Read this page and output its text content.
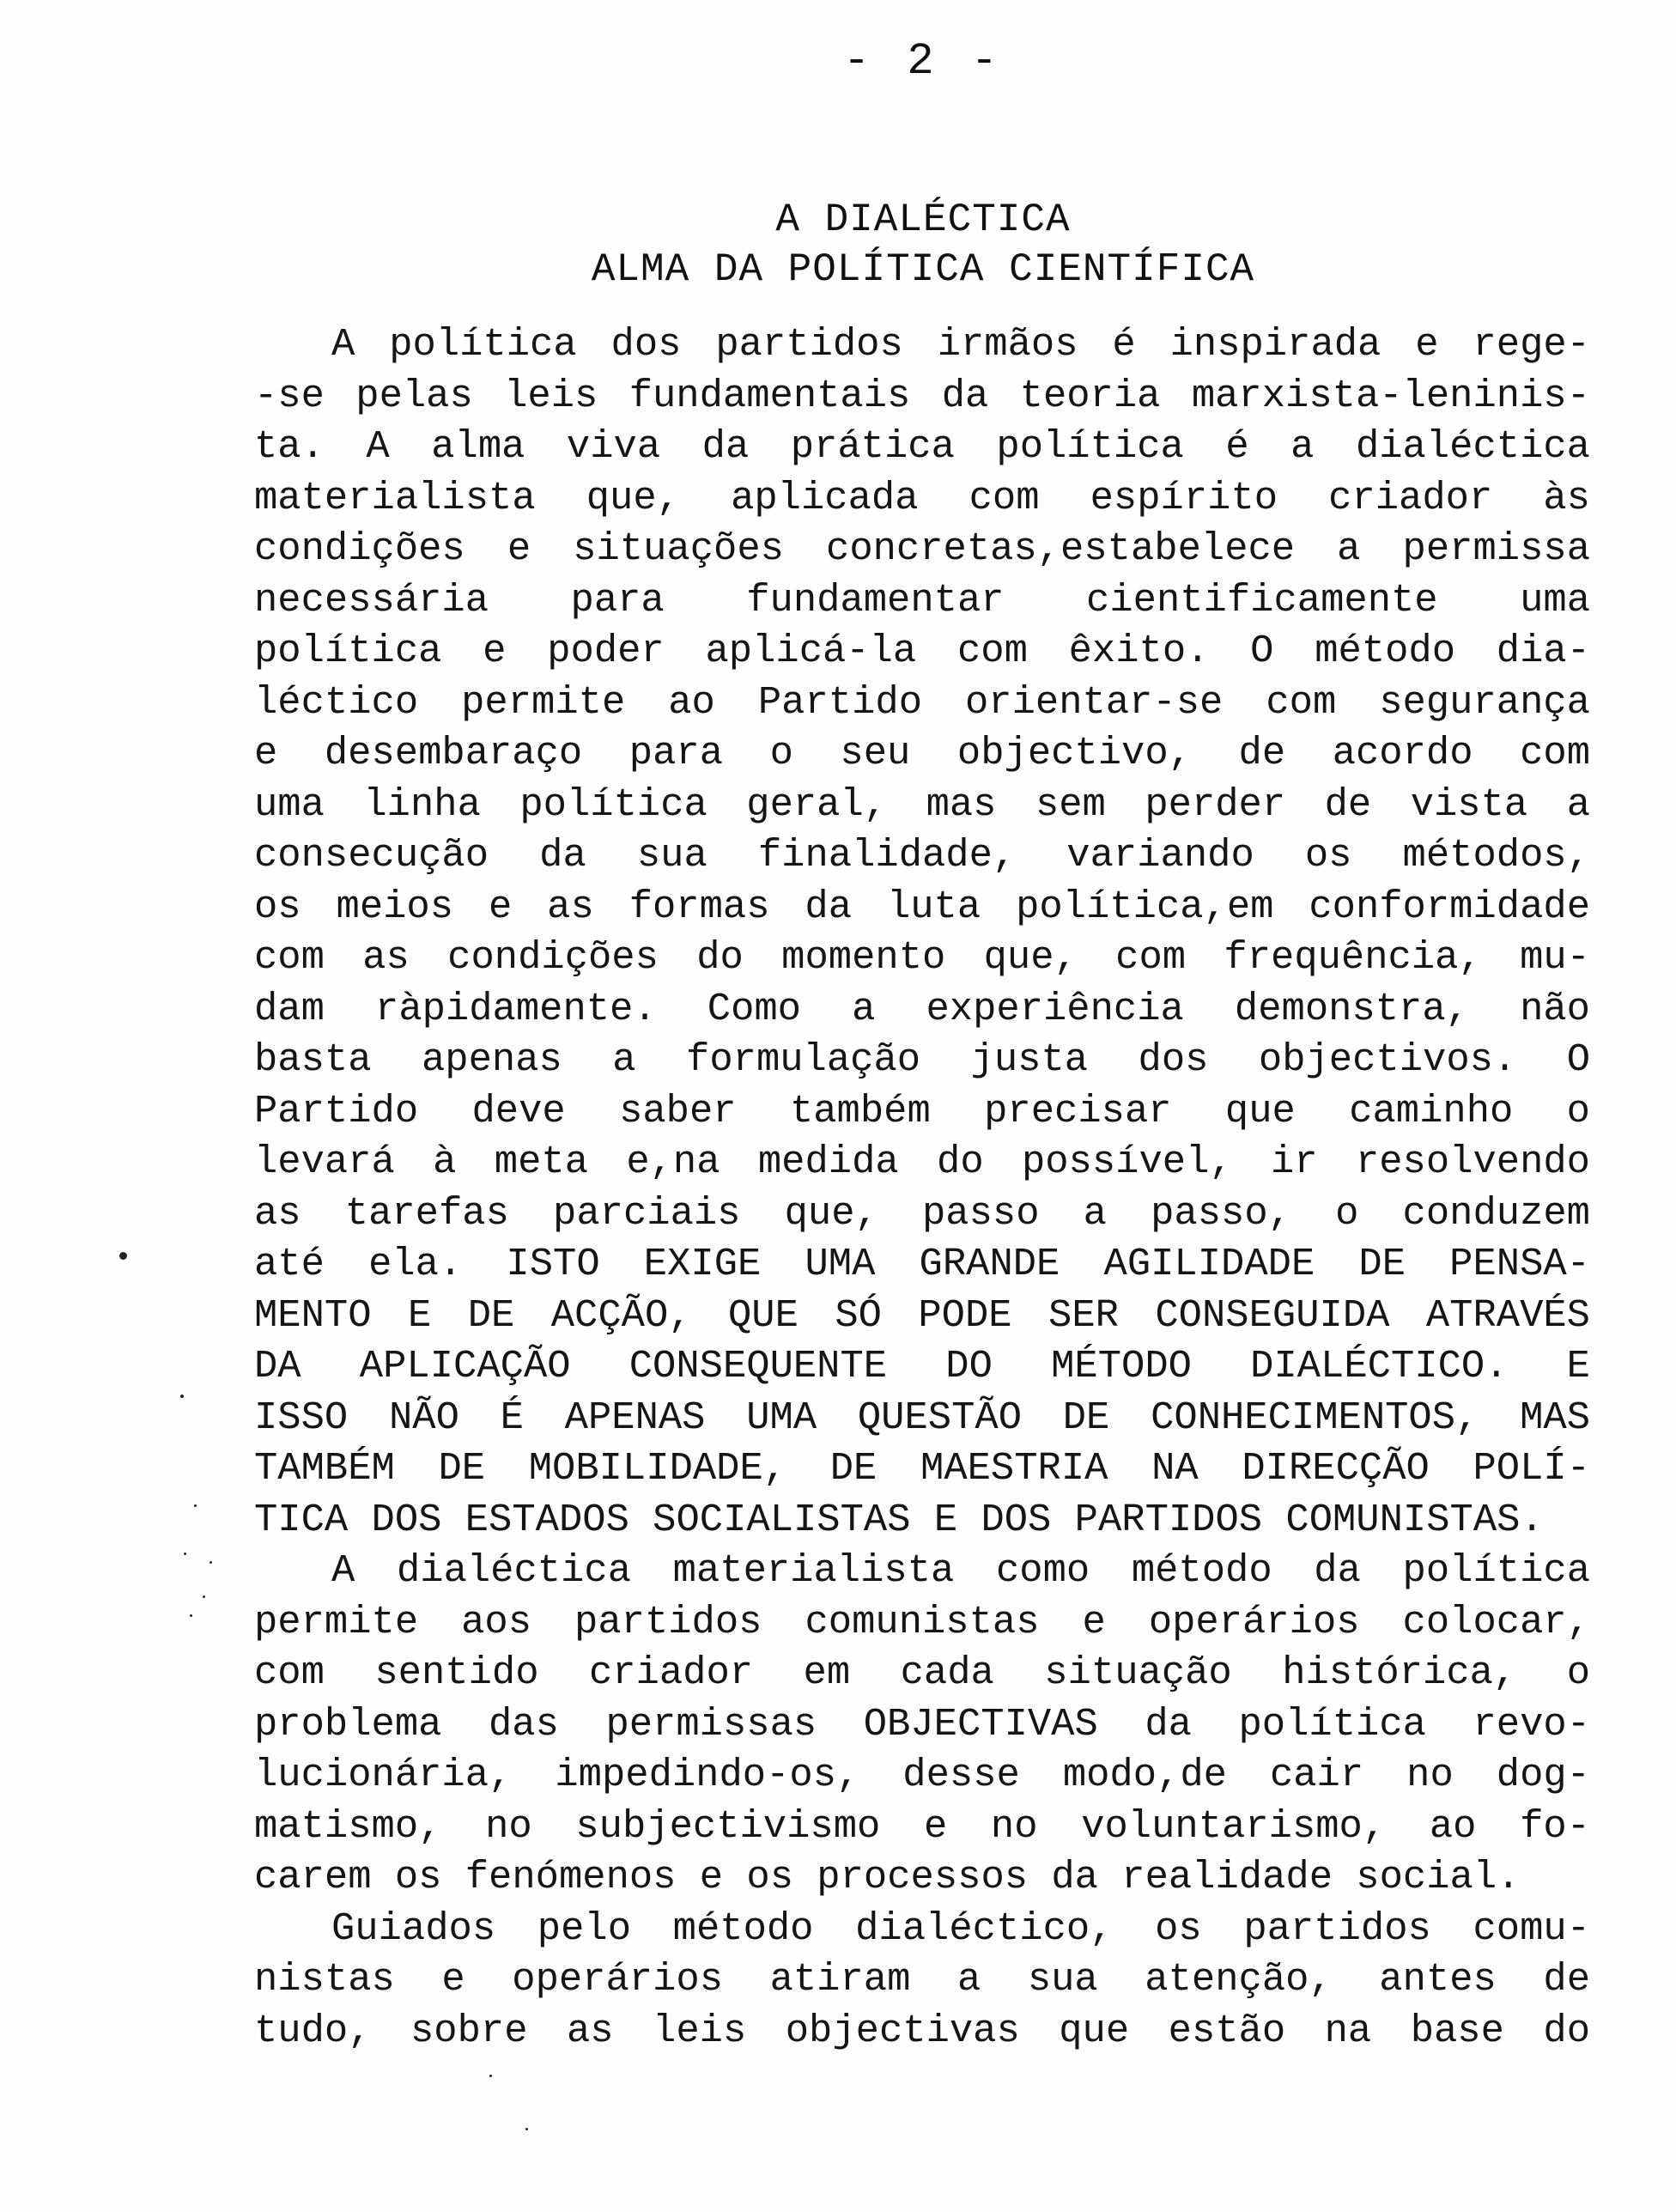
- 2 -
A DIALÉCTICA
ALMA DA POLÍTICA CIENTÍFICA
A política dos partidos irmãos é inspirada e rege-
-se pelas leis fundamentais da teoria marxista-leninis-
ta. A alma viva da prática política é a dialéctica
materialista que, aplicada com espírito criador às
condições e situações concretas,estabelece a permissa
necessária para fundamentar cientificamente uma
política e poder aplicá-la com êxito. O método dia-
léctico permite ao Partido orientar-se com segurança
e desembaraço para o seu objectivo, de acordo com
uma linha política geral, mas sem perder de vista a
consecução da sua finalidade, variando os métodos,
os meios e as formas da luta política,em conformidade
com as condições do momento que, com frequência, mu-
dam ràpidamente. Como a experiência demonstra, não
basta apenas a formulação justa dos objectivos. O
Partido deve saber também precisar que caminho o
levará à meta e,na medida do possível, ir resolvendo
as tarefas parciais que, passo a passo, o conduzem
até ela. ISTO EXIGE UMA GRANDE AGILIDADE DE PENSA-
MENTO E DE ACÇÃO, QUE SÓ PODE SER CONSEGUIDA ATRAVÉS
DA APLICAÇÃO CONSEQUENTE DO MÉTODO DIALÉCTICO. E
ISSO NÃO É APENAS UMA QUESTÃO DE CONHECIMENTOS, MAS
TAMBÉM DE MOBILIDADE, DE MAESTRIA NA DIRECÇÃO POLÍ-
TICA DOS ESTADOS SOCIALISTAS E DOS PARTIDOS COMUNISTAS.
A dialéctica materialista como método da política
permite aos partidos comunistas e operários colocar,
com sentido criador em cada situação histórica, o
problema das permissas OBJECTIVAS da política revo-
lucionária, impedindo-os, desse modo,de cair no dog-
matismo, no subjectivismo e no voluntarismo, ao fo-
carem os fenómenos e os processos da realidade social.
Guiados pelo método dialéctico, os partidos comu-
nistas e operários atiram a sua atenção, antes de
tudo, sobre as leis objectivas que estão na base do
